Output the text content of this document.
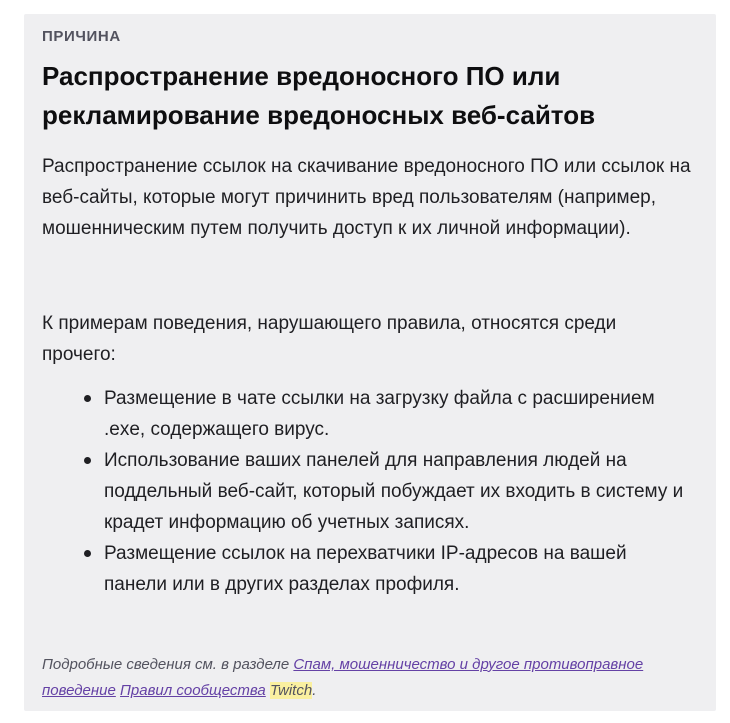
ПРИЧИНА
Распространение вредоносного ПО или рекламирование вредоносных веб-сайтов
Распространение ссылок на скачивание вредоносного ПО или ссылок на веб-сайты, которые могут причинить вред пользователям (например, мошенническим путем получить доступ к их личной информации).
К примерам поведения, нарушающего правила, относятся среди прочего:
Размещение в чате ссылки на загрузку файла с расширением .exe, содержащего вирус.
Использование ваших панелей для направления людей на поддельный веб-сайт, который побуждает их входить в систему и крадет информацию об учетных записях.
Размещение ссылок на перехватчики IP-адресов на вашей панели или в других разделах профиля.
Подробные сведения см. в разделе Спам, мошенничество и другое противоправное поведение Правил сообщества Twitch.
